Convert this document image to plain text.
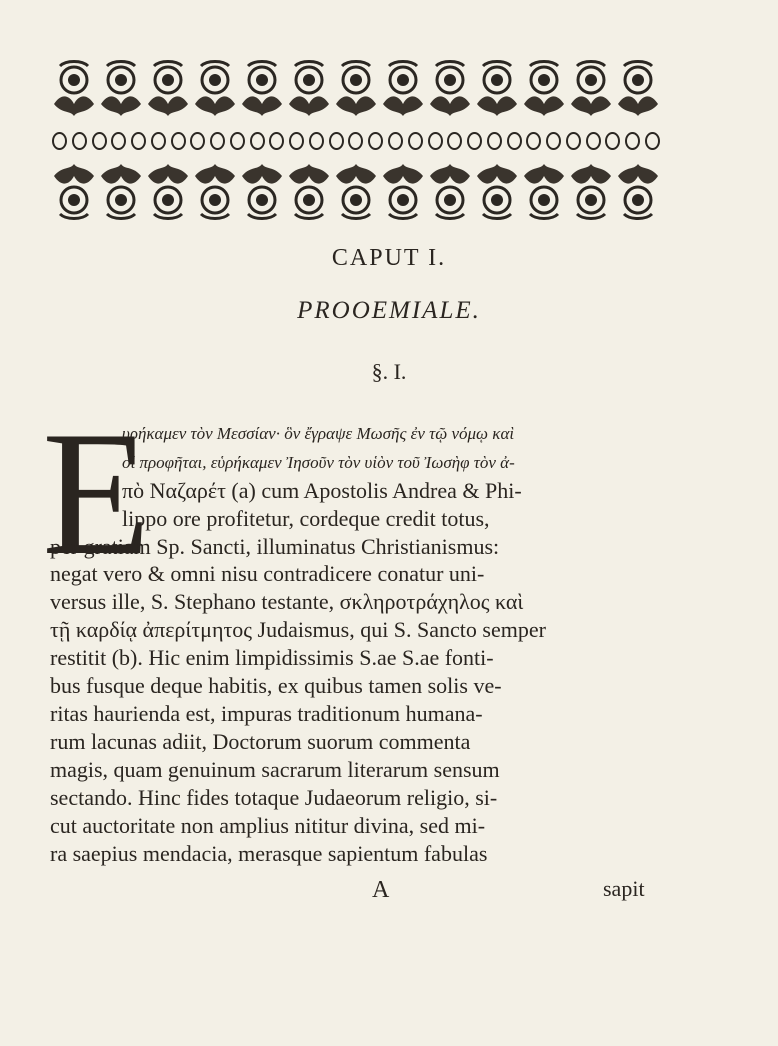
CAPUT I.
PROOEMIALE.
§. I.
E
υρήκαμεν τὸν Μεσσίαν· ὃν ἔγραψε Μωσῆς ἐν τῷ νόμῳ καὶ
οἱ προφῆται, εὑρήκαμεν Ἰησοῦν τὸν υἱὸν τοῦ Ἰωσὴφ τὸν ἀ-
πὸ Ναζαρέτ (a) cum Apostolis Andrea & Phi-
lippo ore profitetur, cordeque credit totus,
per gratiam Sp. Sancti, illuminatus Christianismus:
negat vero & omni nisu contradicere conatur uni-
versus ille, S. Stephano testante, σκληροτράχηλος καὶ
τῇ καρδίᾳ ἀπερίτμητος Judaismus, qui S. Sancto semper
restitit (b). Hic enim limpidissimis S.ae S.ae fonti-
bus fusque deque habitis, ex quibus tamen solis ve-
ritas haurienda est, impuras traditionum humana-
rum lacunas adiit, Doctorum suorum commenta
magis, quam genuinum sacrarum literarum sensum
sectando. Hinc fides totaque Judaeorum religio, si-
cut auctoritate non amplius nititur divina, sed mi-
ra saepius mendacia, merasque sapientum fabulas
A	sapit
